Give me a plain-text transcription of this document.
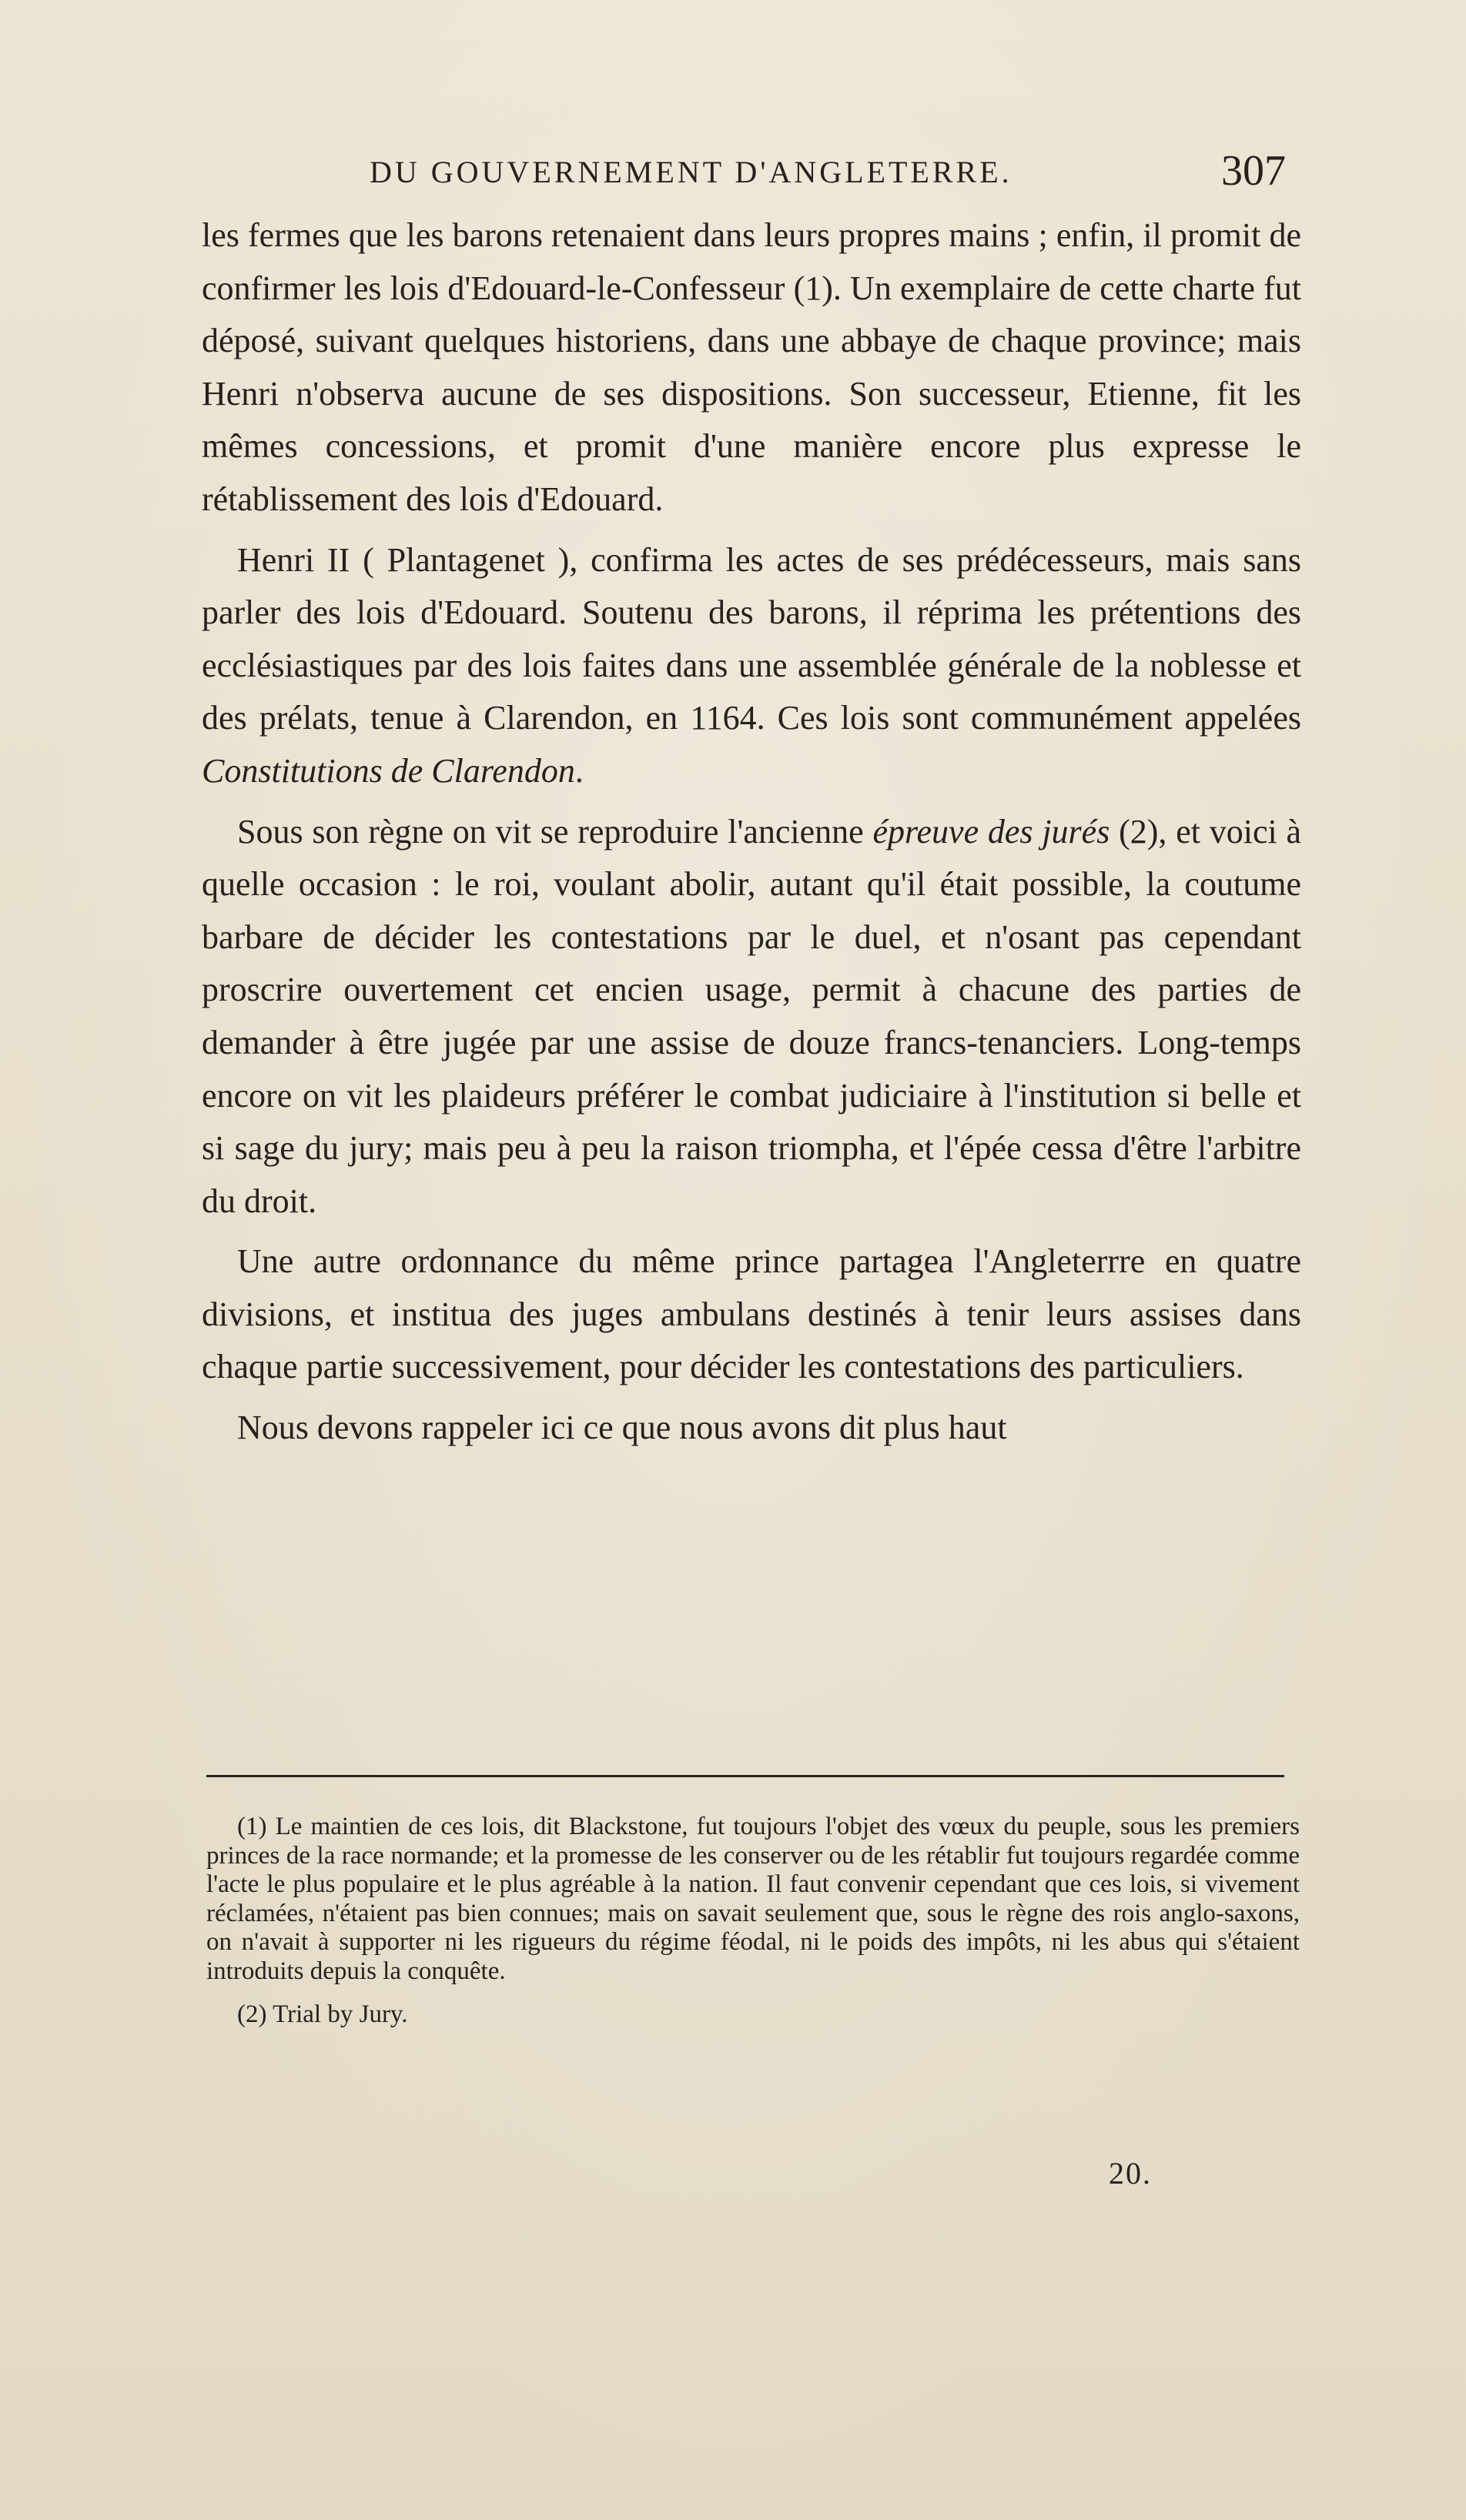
DU GOUVERNEMENT D'ANGLETERRE.	307

les fermes que les barons retenaient dans leurs propres mains ; enfin, il promit de confirmer les lois d'Edouard-le-Confesseur (1). Un exemplaire de cette charte fut déposé, suivant quelques historiens, dans une abbaye de chaque province; mais Henri n'observa aucune de ses dispositions. Son successeur, Etienne, fit les mêmes concessions, et promit d'une manière encore plus expresse le rétablissement des lois d'Edouard.

Henri II ( Plantagenet ), confirma les actes de ses prédécesseurs, mais sans parler des lois d'Edouard. Soutenu des barons, il réprima les prétentions des ecclésiastiques par des lois faites dans une assemblée générale de la noblesse et des prélats, tenue à Clarendon, en 1164. Ces lois sont communément appelées Constitutions de Clarendon.

Sous son règne on vit se reproduire l'ancienne épreuve des jurés (2), et voici à quelle occasion : le roi, voulant abolir, autant qu'il était possible, la coutume barbare de décider les contestations par le duel, et n'osant pas cependant proscrire ouvertement cet encien usage, permit à chacune des parties de demander à être jugée par une assise de douze francs-tenanciers. Long-temps encore on vit les plaideurs préférer le combat judiciaire à l'institution si belle et si sage du jury; mais peu à peu la raison triompha, et l'épée cessa d'être l'arbitre du droit.

Une autre ordonnance du même prince partagea l'Angleterrre en quatre divisions, et institua des juges ambulans destinés à tenir leurs assises dans chaque partie successivement, pour décider les contestations des particuliers.

Nous devons rappeler ici ce que nous avons dit plus haut

(1) Le maintien de ces lois, dit Blackstone, fut toujours l'objet des vœux du peuple, sous les premiers princes de la race normande; et la promesse de les conserver ou de les rétablir fut toujours regardée comme l'acte le plus populaire et le plus agréable à la nation. Il faut convenir cependant que ces lois, si vivement réclamées, n'étaient pas bien connues; mais on savait seulement que, sous le règne des rois anglo-saxons, on n'avait à supporter ni les rigueurs du régime féodal, ni le poids des impôts, ni les abus qui s'étaient introduits depuis la conquête.

(2) Trial by Jury.

20.
